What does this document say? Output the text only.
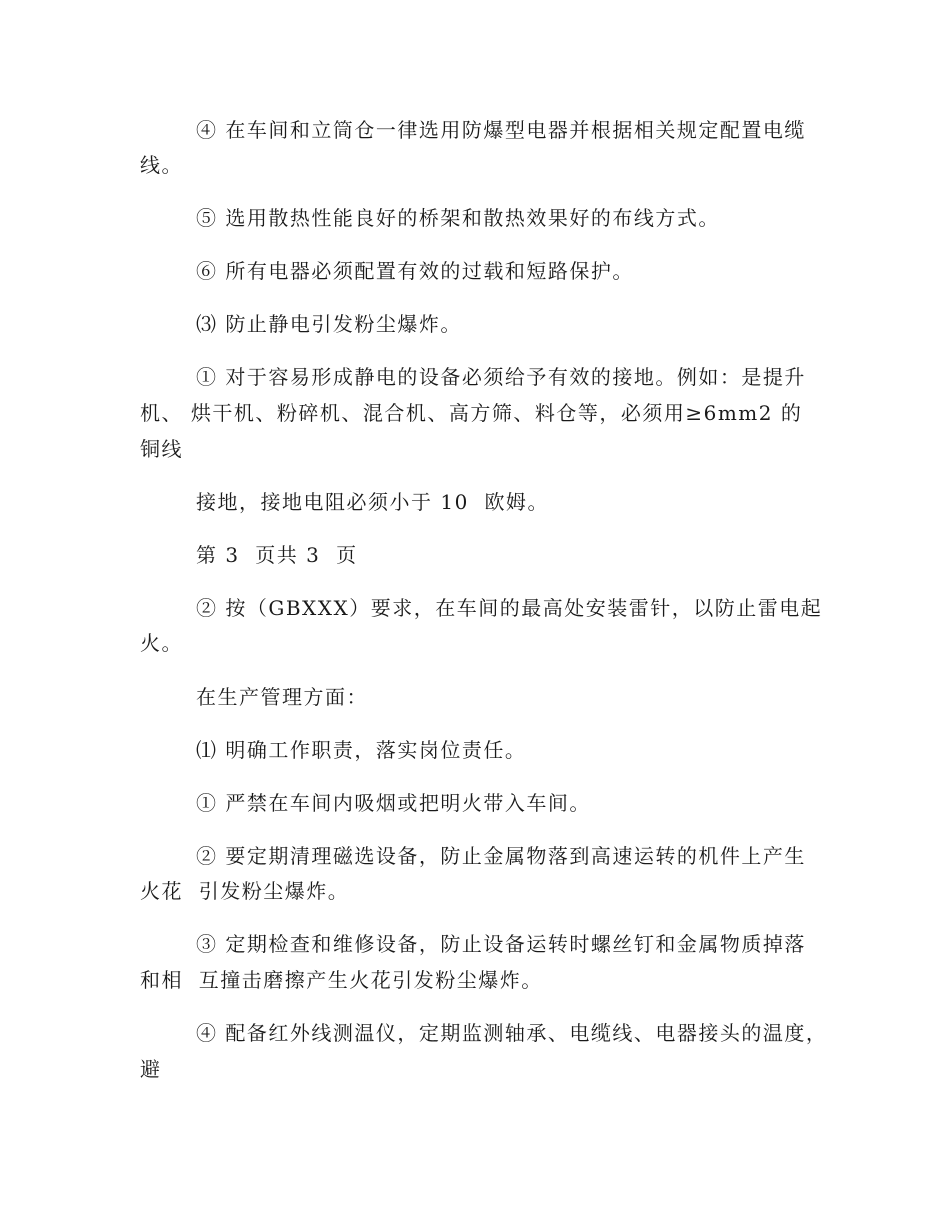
④ 在车间和立筒仓一律选用防爆型电器并根据相关规定配置电缆
线。
⑤ 选用散热性能良好的桥架和散热效果好的布线方式。
⑥ 所有电器必须配置有效的过载和短路保护。
⑶ 防止静电引发粉尘爆炸。
① 对于容易形成静电的设备必须给予有效的接地。例如：是提升
机、 烘干机、粉碎机、混合机、高方筛、料仓等，必须用≥6mm2 的
铜线
接地，接地电阻必须小于 10  欧姆。
第 3  页共 3  页
② 按（GBXXX）要求，在车间的最高处安装雷针，以防止雷电起
火。
在生产管理方面：
⑴ 明确工作职责，落实岗位责任。
① 严禁在车间内吸烟或把明火带入车间。
② 要定期清理磁选设备，防止金属物落到高速运转的机件上产生
火花  引发粉尘爆炸。
③ 定期检查和维修设备，防止设备运转时螺丝钉和金属物质掉落
和相  互撞击磨擦产生火花引发粉尘爆炸。
④ 配备红外线测温仪，定期监测轴承、电缆线、电器接头的温度，
避
